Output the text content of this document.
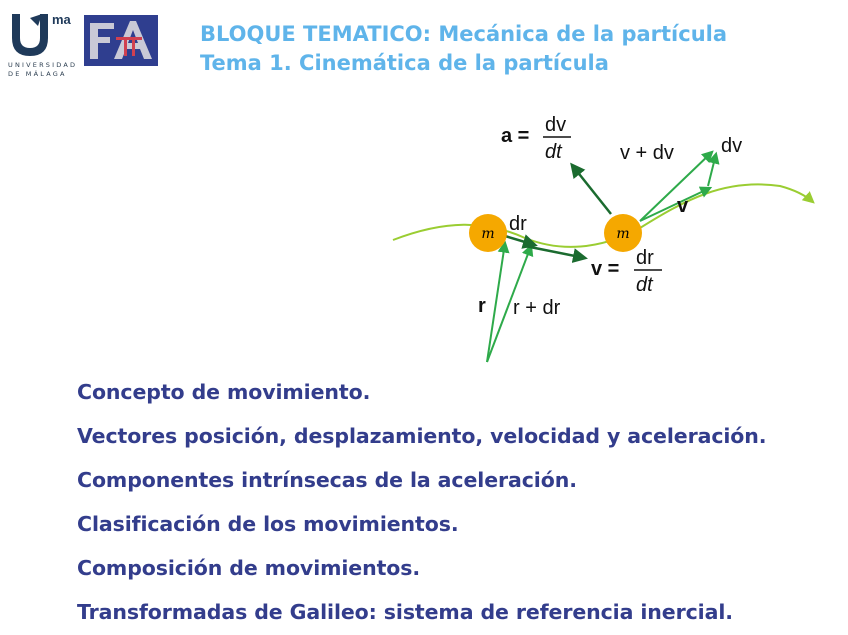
ma
UNIVERSIDAD
DE MÁLAGA
FA
BLOQUE TEMATICO: Mecánica de la partícula
Tema 1. Cinemática de la partícula
m	m
dr
r r + dr
v = dr
dt
a = dv
dt	v + dv dv
v
Concepto de movimiento.
Vectores posición, desplazamiento, velocidad y aceleración.
Componentes intrínsecas de la aceleración.
Clasificación de los movimientos.
Composición de movimientos.
Transformadas de Galileo: sistema de referencia inercial.
